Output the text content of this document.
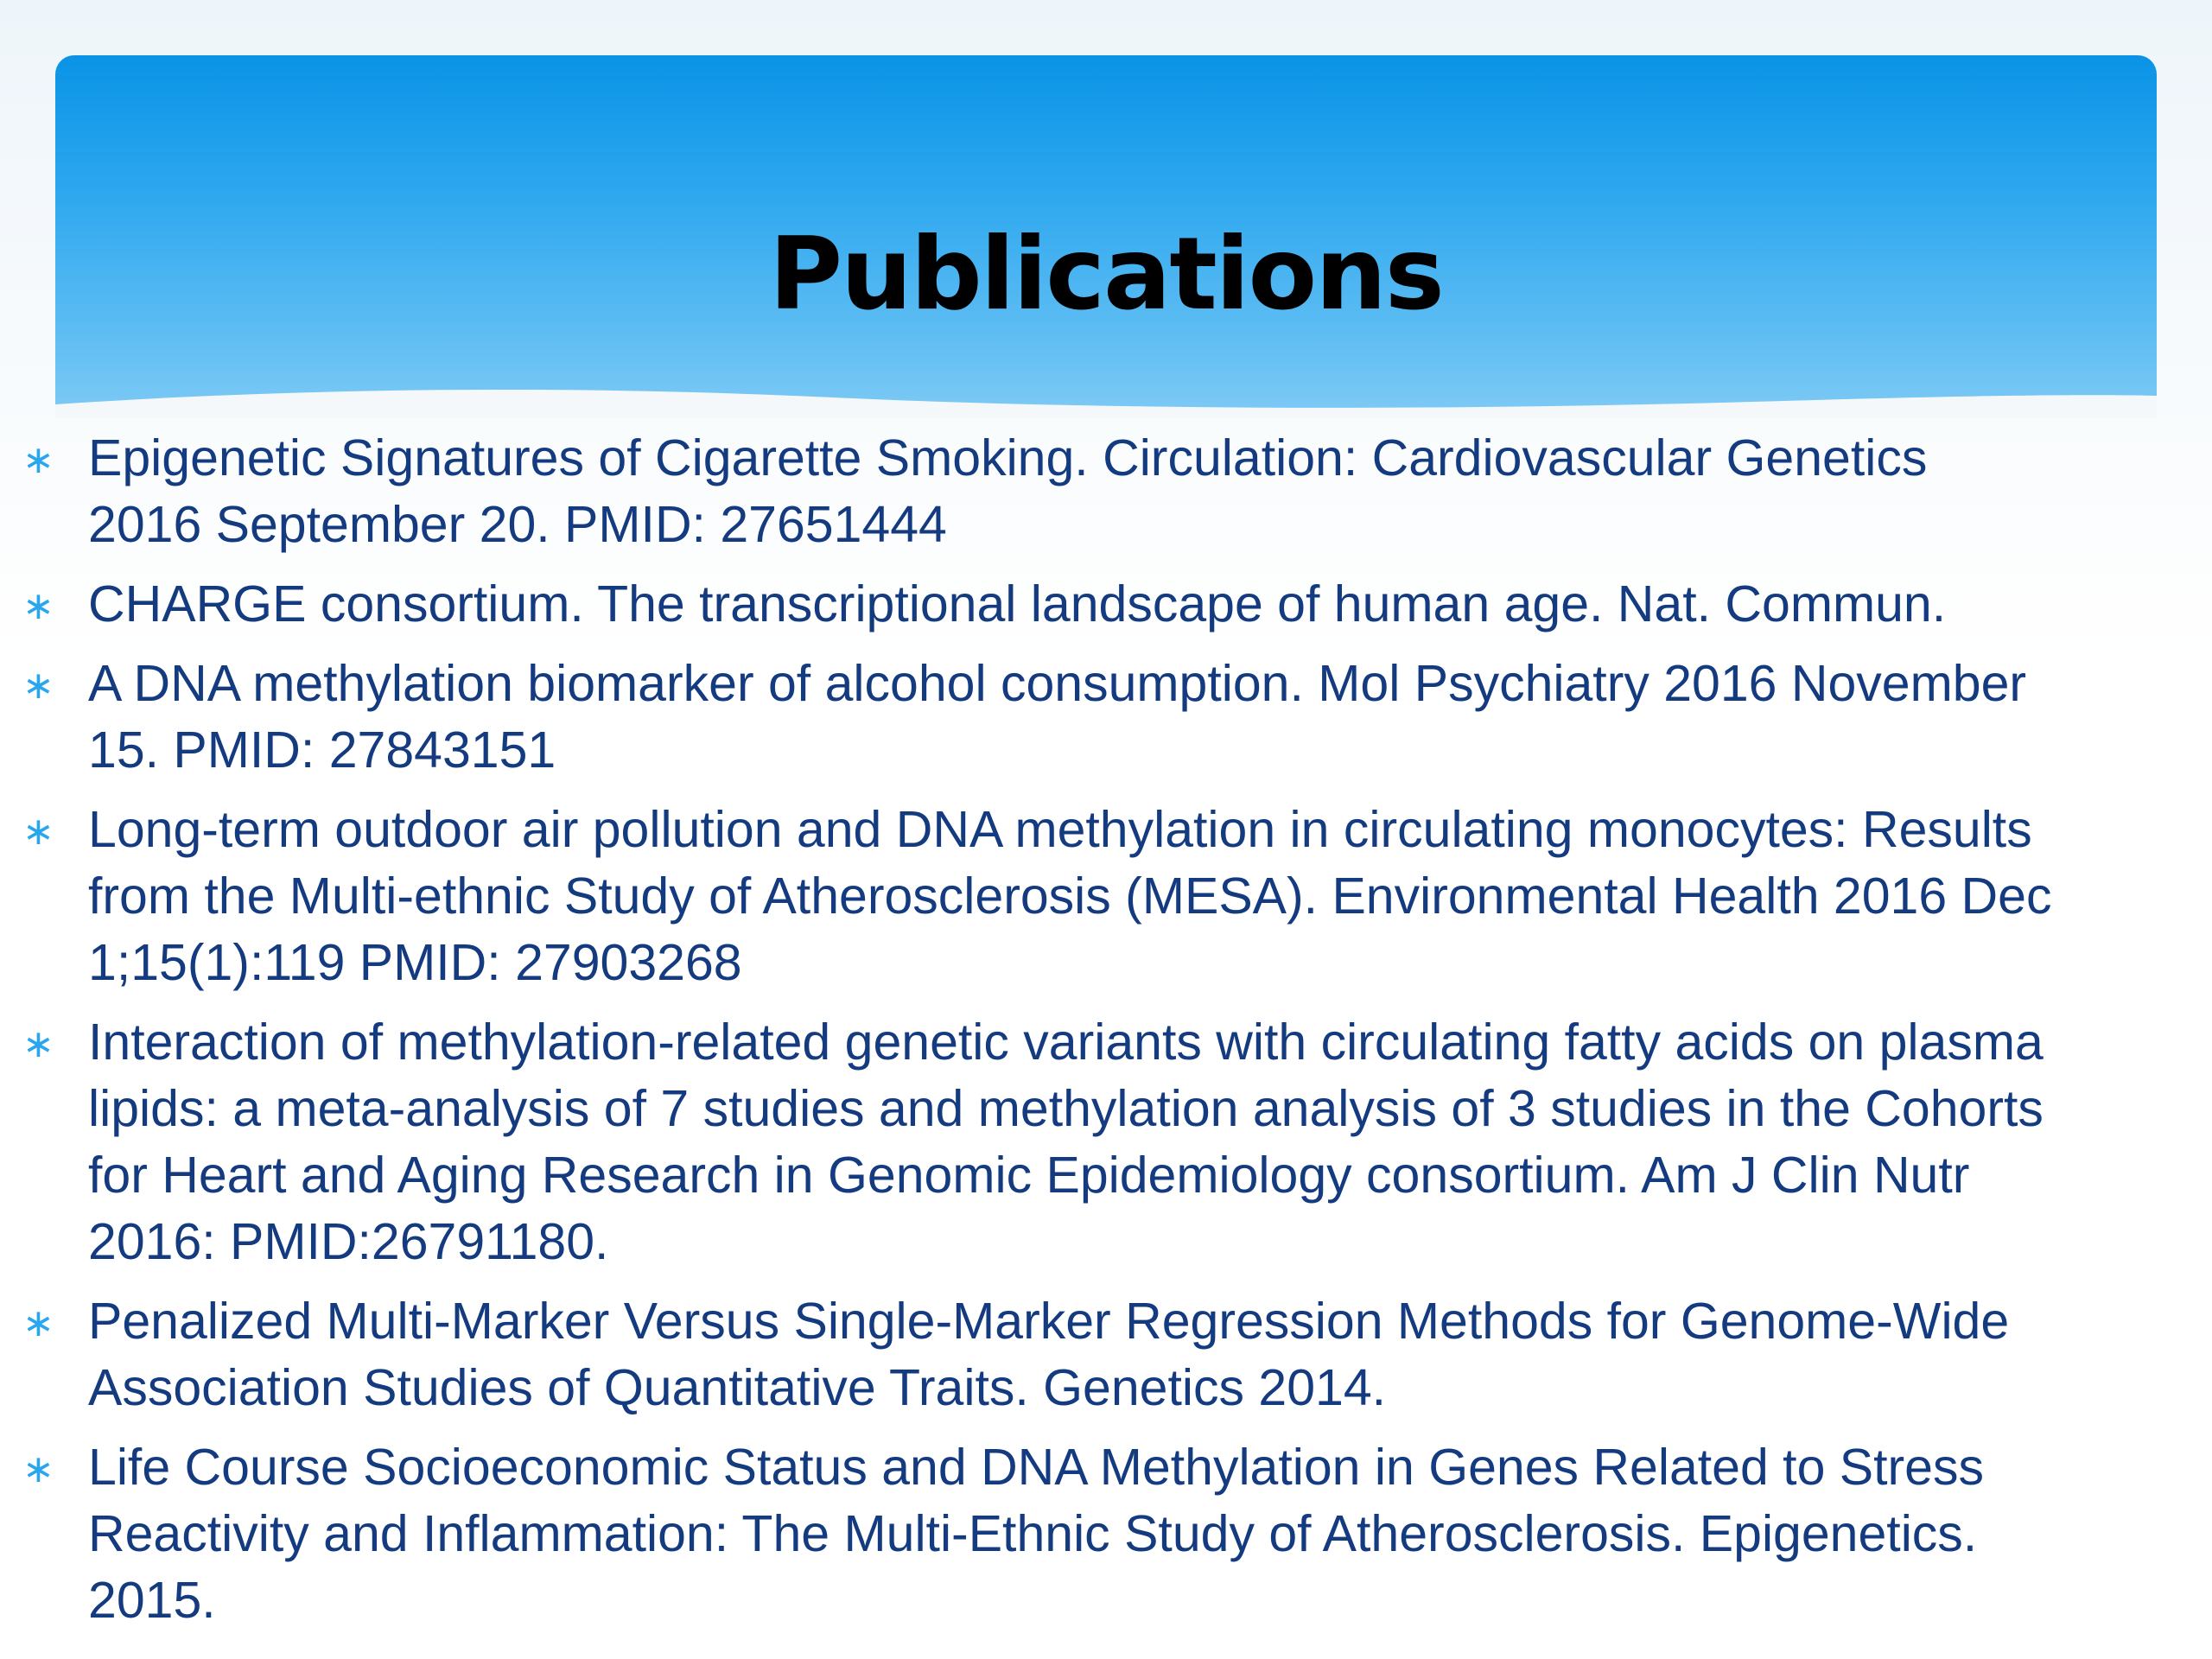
Publications
∗ Epigenetic Signatures of Cigarette Smoking. Circulation: Cardiovascular Genetics
2016 September 20. PMID: 27651444
∗ CHARGE consortium. The transcriptional landscape of human age. Nat. Commun.
∗ A DNA methylation biomarker of alcohol consumption. Mol Psychiatry 2016 November
15. PMID: 27843151
∗ Long-term outdoor air pollution and DNA methylation in circulating monocytes: Results
from the Multi-ethnic Study of Atherosclerosis (MESA). Environmental Health 2016 Dec
1;15(1):119 PMID: 27903268
∗ Interaction of methylation-related genetic variants with circulating fatty acids on plasma
lipids: a meta-analysis of 7 studies and methylation analysis of 3 studies in the Cohorts
for Heart and Aging Research in Genomic Epidemiology consortium. Am J Clin Nutr
2016: PMID:26791180.
∗ Penalized Multi-Marker Versus Single-Marker Regression Methods for Genome-Wide
Association Studies of Quantitative Traits. Genetics 2014.
∗ Life Course Socioeconomic Status and DNA Methylation in Genes Related to Stress
Reactivity and Inflammation: The Multi-Ethnic Study of Atherosclerosis. Epigenetics.
2015.
